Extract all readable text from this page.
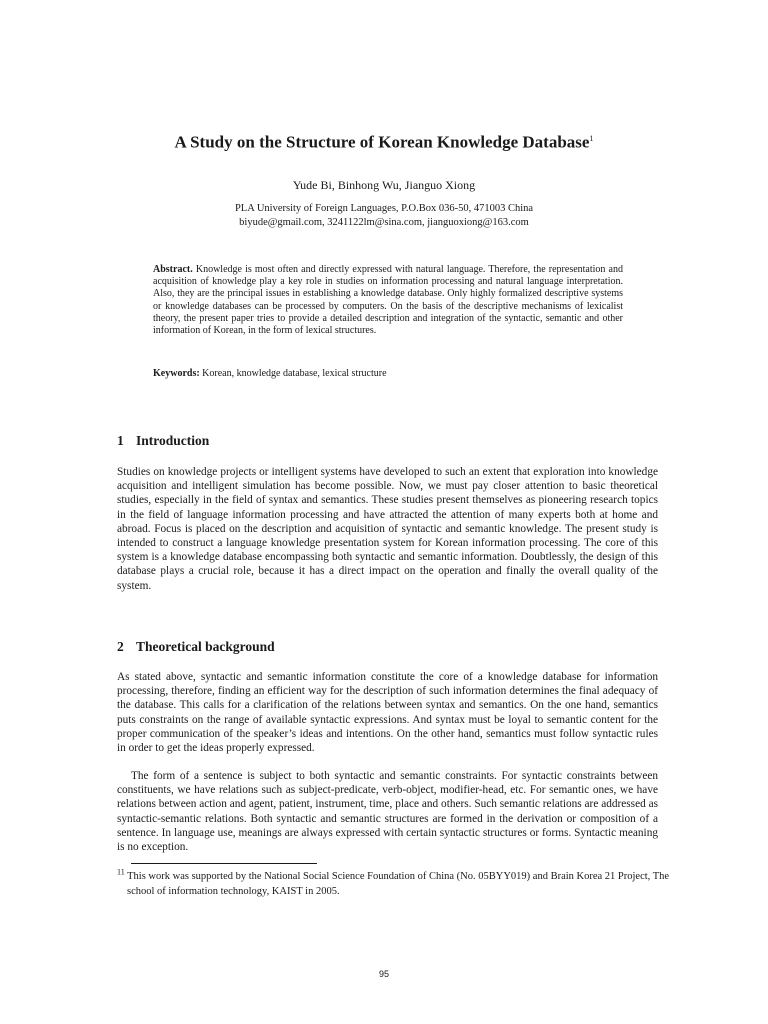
A Study on the Structure of Korean Knowledge Database$^1$
Yude Bi, Binhong Wu, Jianguo Xiong
PLA University of Foreign Languages, P.O.Box 036-50, 471003 China
biyude@gmail.com, 3241122lm@sina.com, jianguoxiong@163.com

Abstract. Knowledge is most often and directly expressed with natural language. Therefore, the representation and acquisition of knowledge play a key role in studies on information processing and natural language interpretation. Also, they are the principal issues in establishing a knowledge database. Only highly formalized descriptive systems or knowledge databases can be processed by computers. On the basis of the descriptive mechanisms of lexicalist theory, the present paper tries to provide a detailed description and integration of the syntactic, semantic and other information of Korean, in the form of lexical structures.

Keywords: Korean, knowledge database, lexical structure

1 Introduction

Studies on knowledge projects or intelligent systems have developed to such an extent that exploration into knowledge acquisition and intelligent simulation has become possible. Now, we must pay closer attention to basic theoretical studies, especially in the field of syntax and semantics. These studies present themselves as pioneering research topics in the field of language information processing and have attracted the attention of many experts both at home and abroad. Focus is placed on the description and acquisition of syntactic and semantic knowledge. The present study is intended to construct a language knowledge presentation system for Korean information processing. The core of this system is a knowledge database encompassing both syntactic and semantic information. Doubtlessly, the design of this database plays a crucial role, because it has a direct impact on the operation and finally the overall quality of the system.

2 Theoretical background

As stated above, syntactic and semantic information constitute the core of a knowledge database for information processing, therefore, finding an efficient way for the description of such information determines the final adequacy of the database. This calls for a clarification of the relations between syntax and semantics. On the one hand, semantics puts constraints on the range of available syntactic expressions. And syntax must be loyal to semantic content for the proper communication of the speaker’s ideas and intentions. On the other hand, semantics must follow syntactic rules in order to get the ideas properly expressed.

The form of a sentence is subject to both syntactic and semantic constraints. For syntactic constraints between constituents, we have relations such as subject-predicate, verb-object, modifier-head, etc. For semantic ones, we have relations between action and agent, patient, instrument, time, place and others. Such semantic relations are addressed as syntactic-semantic relations. Both syntactic and semantic structures are formed in the derivation or composition of a sentence. In language use, meanings are always expressed with certain syntactic structures or forms. Syntactic meaning is no exception.

$^{11}$ This work was supported by the National Social Science Foundation of China (No. 05BYY019) and Brain Korea 21 Project, The school of information technology, KAIST in 2005.

95
